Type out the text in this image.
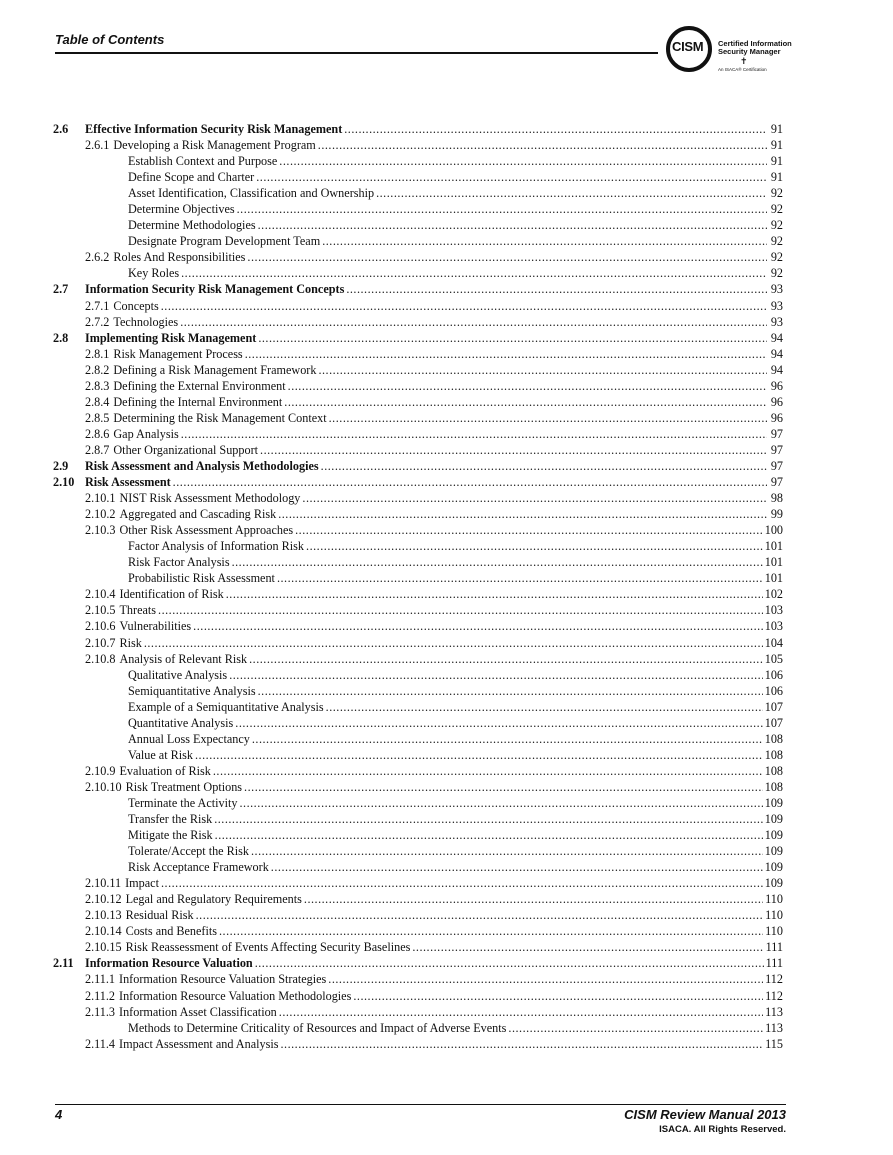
Table of Contents	CISM Certified Information
Security Manager
✝
An ISACA® Certification
2.6	Effective Information Security Risk Management .....	91
2.6.1 Developing a Risk Management Program .....	91
Establish Context and Purpose .....	91
Define Scope and Charter .....	91
Asset Identification, Classification and Ownership .....	92
Determine Objectives .....	92
Determine Methodologies .....	92
Designate Program Development Team .....	92
2.6.2 Roles And Responsibilities .....	92
Key Roles .....	92
2.7	Information Security Risk Management Concepts .....	93
2.7.1 Concepts .....	93
2.7.2 Technologies .....	93
2.8	Implementing Risk Management .....	94
2.8.1 Risk Management Process .....	94
2.8.2 Defining a Risk Management Framework .....	94
2.8.3 Defining the External Environment .....	96
2.8.4 Defining the Internal Environment .....	96
2.8.5 Determining the Risk Management Context .....	96
2.8.6 Gap Analysis .....	97
2.8.7 Other Organizational Support .....	97
2.9	Risk Assessment and Analysis Methodologies .....	97
2.10 Risk Assessment .....	97
2.10.1 NIST Risk Assessment Methodology .....	98
2.10.2 Aggregated and Cascading Risk .....	99
2.10.3 Other Risk Assessment Approaches .....	100
Factor Analysis of Information Risk .....	101
Risk Factor Analysis .....	101
Probabilistic Risk Assessment .....	101
2.10.4 Identification of Risk .....	102
2.10.5 Threats .....	103
2.10.6 Vulnerabilities .....	103
2.10.7 Risk .....	104
2.10.8 Analysis of Relevant Risk .....	105
Qualitative Analysis .....	106
Semiquantitative Analysis .....	106
Example of a Semiquantitative Analysis .....	107
Quantitative Analysis .....	107
Annual Loss Expectancy .....	108
Value at Risk .....	108
2.10.9 Evaluation of Risk .....	108
2.10.10 Risk Treatment Options .....	108
Terminate the Activity .....	109
Transfer the Risk .....	109
Mitigate the Risk .....	109
Tolerate/Accept the Risk .....	109
Risk Acceptance Framework .....	109
2.10.11 Impact .....	109
2.10.12 Legal and Regulatory Requirements .....	110
2.10.13 Residual Risk .....	110
2.10.14 Costs and Benefits .....	110
2.10.15 Risk Reassessment of Events Affecting Security Baselines .....	111
2.11 Information Resource Valuation .....	111
2.11.1 Information Resource Valuation Strategies .....	112
2.11.2 Information Resource Valuation Methodologies .....	112
2.11.3 Information Asset Classification .....	113
Methods to Determine Criticality of Resources and Impact of Adverse Events .....	113
2.11.4 Impact Assessment and Analysis .....	115
4	CISM Review Manual 2013
ISACA. All Rights Reserved.
